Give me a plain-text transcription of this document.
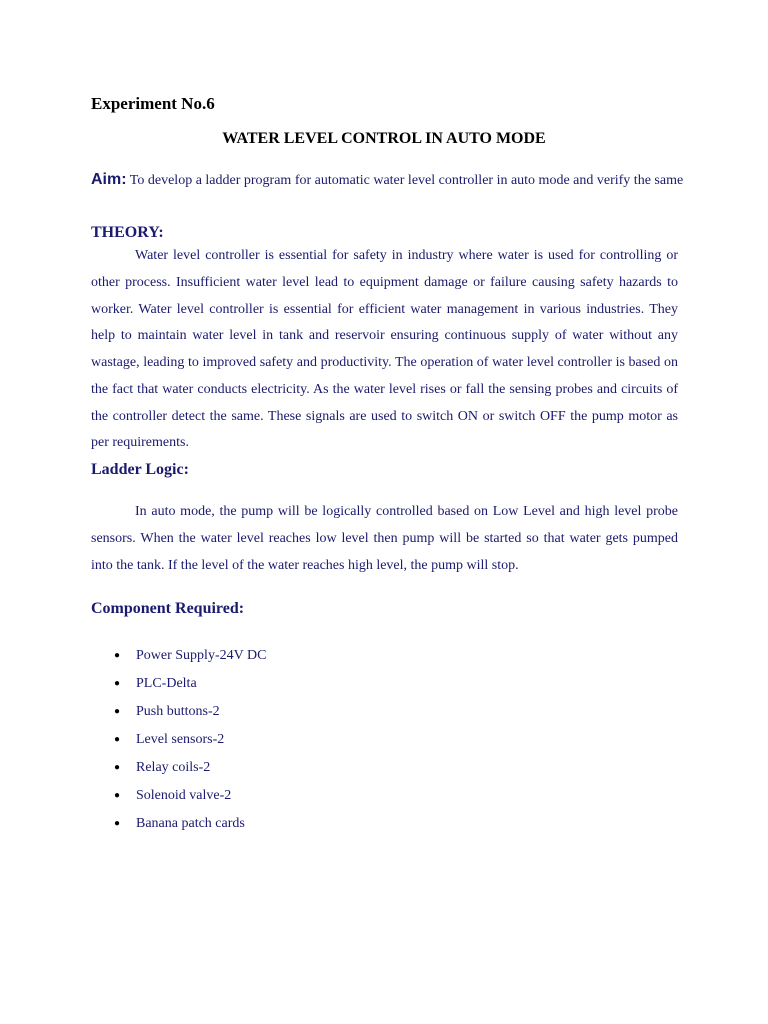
Experiment No.6
WATER LEVEL CONTROL IN AUTO MODE

Aim: To develop a ladder program for automatic water level controller in auto mode and verify the same

THEORY:

Water level controller is essential for safety in industry where water is used for controlling or other process. Insufficient water level lead to equipment damage or failure causing safety hazards to worker. Water level controller is essential for efficient water management in various industries. They help to maintain water level in tank and reservoir ensuring continuous supply of water without any wastage, leading to improved safety and productivity. The operation of water level controller is based on the fact that water conducts electricity. As the water level rises or fall the sensing probes and circuits of the controller detect the same. These signals are used to switch ON or switch OFF the pump motor as per requirements.

Ladder Logic:

In auto mode, the pump will be logically controlled based on Low Level and high level probe sensors. When the water level reaches low level then pump will be started so that water gets pumped into the tank. If the level of the water reaches high level, the pump will stop.

Component Required:
●	Power Supply-24V DC
●	PLC-Delta
●	Push buttons-2
●	Level sensors-2
●	Relay coils-2
●	Solenoid valve-2
●	Banana patch cards
